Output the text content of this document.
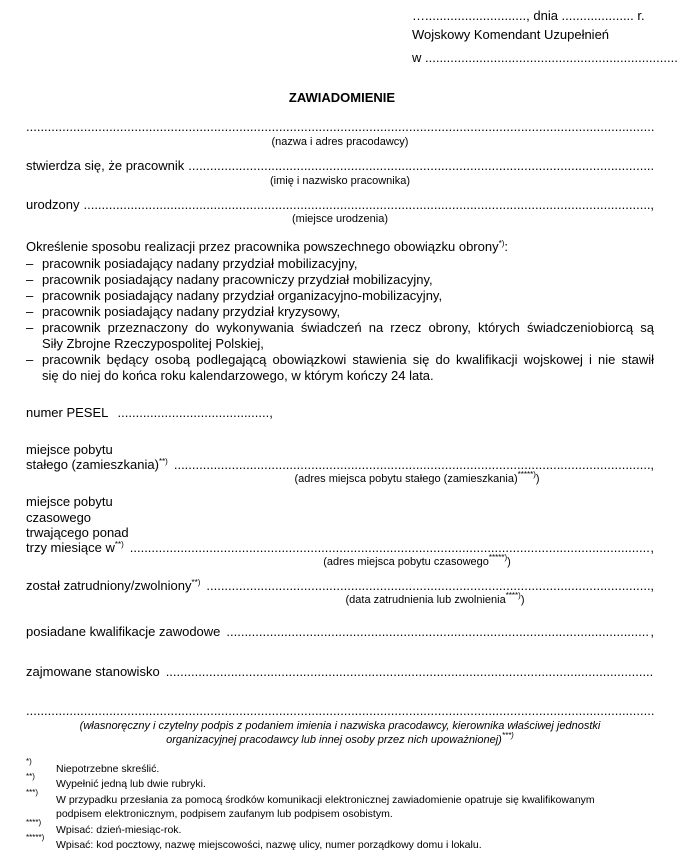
…............................, dnia .................... r.
Wojskowy Komendant Uzupełnień
w ......................................................................
ZAWIADOMIENIE
.....
(nazwa i adres pracodawcy)
stwierdza się, że pracownik
.....
(imię i nazwisko pracownika)
urodzony .....	,
(miejsce urodzenia)
Określenie sposobu realizacji przez pracownika powszechnego obowiązku obrony*):
– pracownik posiadający nadany przydział mobilizacyjny,
– pracownik posiadający nadany pracowniczy przydział mobilizacyjny,
– pracownik posiadający nadany przydział organizacyjno-mobilizacyjny,
– pracownik posiadający nadany przydział kryzysowy,
– pracownik przeznaczony do wykonywania świadczeń na rzecz obrony, których świadczeniobiorcą są
Siły Zbrojne Rzeczypospolitej Polskiej,
– pracownik będący osobą podlegającą obowiązkowi stawienia się do kwalifikacji wojskowej i nie stawił
się do niej do końca roku kalendarzowego, w którym kończy 24 lata.
numer PESEL ..........................................,
miejsce pobytu
stałego (zamieszkania)**) .....	,
(adres miejsca pobytu stałego (zamieszkania)*****))
miejsce pobytu
czasowego
trwającego ponad
trzy miesiące w**) .....	,
(adres miejsca pobytu czasowego*****))
został zatrudniony/zwolniony**) .....	,
(data zatrudnienia lub zwolnienia****))
posiadane kwalifikacje zawodowe .....	,
zajmowane stanowisko
.....
.....
(własnoręczny i czytelny podpis z podaniem imienia i nazwiska pracodawcy, kierownika właściwej jednostki
organizacyjnej pracodawcy lub innej osoby przez nich upoważnionej)***)
*)
Niepotrzebne skreślić.
**)
Wypełnić jedną lub dwie rubryki.
***)
W przypadku przesłania za pomocą środków komunikacji elektronicznej zawiadomienie opatruje się kwalifikowanym
podpisem elektronicznym, podpisem zaufanym lub podpisem osobistym.
****)
Wpisać: dzień-miesiąc-rok.
*****)
Wpisać: kod pocztowy, nazwę miejscowości, nazwę ulicy, numer porządkowy domu i lokalu.
